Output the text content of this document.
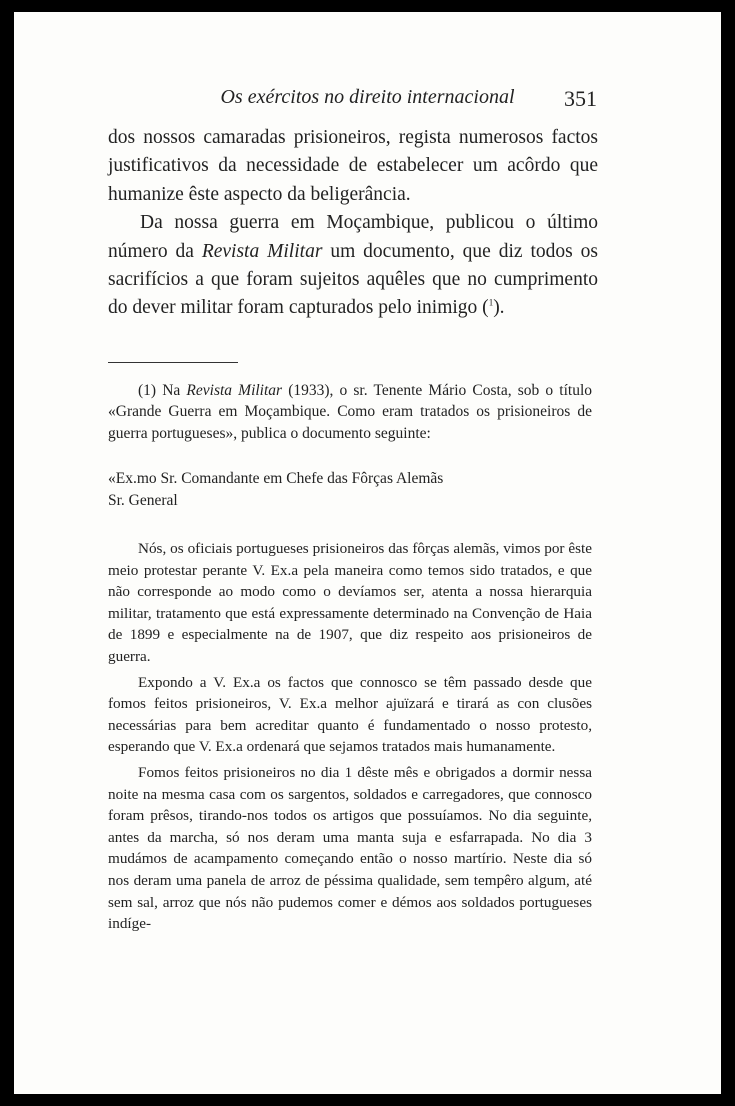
Os exércitos no direito internacional	351

dos nossos camaradas prisioneiros, regista numerosos factos justificativos da necessidade de estabelecer um acôrdo que humanize êste aspecto da beligerância.

Da nossa guerra em Moçambique, publicou o último número da Revista Militar um documento, que diz todos os sacrifícios a que foram sujeitos aquêles que no cumprimento do dever militar foram capturados pelo inimigo ($^1$).

(1) Na Revista Militar (1933), o sr. Tenente Mário Costa, sob o título «Grande Guerra em Moçambique. Como eram tratados os prisioneiros de guerra portugueses», publica o documento seguinte:

«Ex.mo Sr. Comandante em Chefe das Fôrças Alemãs
Sr. General

Nós, os oficiais portugueses prisioneiros das fôrças alemãs, vimos por êste meio protestar perante V. Ex.a pela maneira como temos sido tratados, e que não corresponde ao modo como o devíamos ser, atenta a nossa hierarquia militar, tratamento que está expressamente determinado na Convenção de Haia de 1899 e especialmente na de 1907, que diz respeito aos prisioneiros de guerra.

Expondo a V. Ex.a os factos que connosco se têm passado desde que fomos feitos prisioneiros, V. Ex.a melhor ajuïzará e tirará as con clusões necessárias para bem acreditar quanto é fundamentado o nosso protesto, esperando que V. Ex.a ordenará que sejamos tratados mais humanamente.

Fomos feitos prisioneiros no dia 1 dêste mês e obrigados a dormir nessa noite na mesma casa com os sargentos, soldados e carregadores, que connosco foram prêsos, tirando-nos todos os artigos que possuíamos. No dia seguinte, antes da marcha, só nos deram uma manta suja e esfarrapada. No dia 3 mudámos de acampamento começando então o nosso martírio. Neste dia só nos deram uma panela de arroz de péssima qualidade, sem tempêro algum, até sem sal, arroz que nós não pudemos comer e démos aos soldados portugueses indíge-
